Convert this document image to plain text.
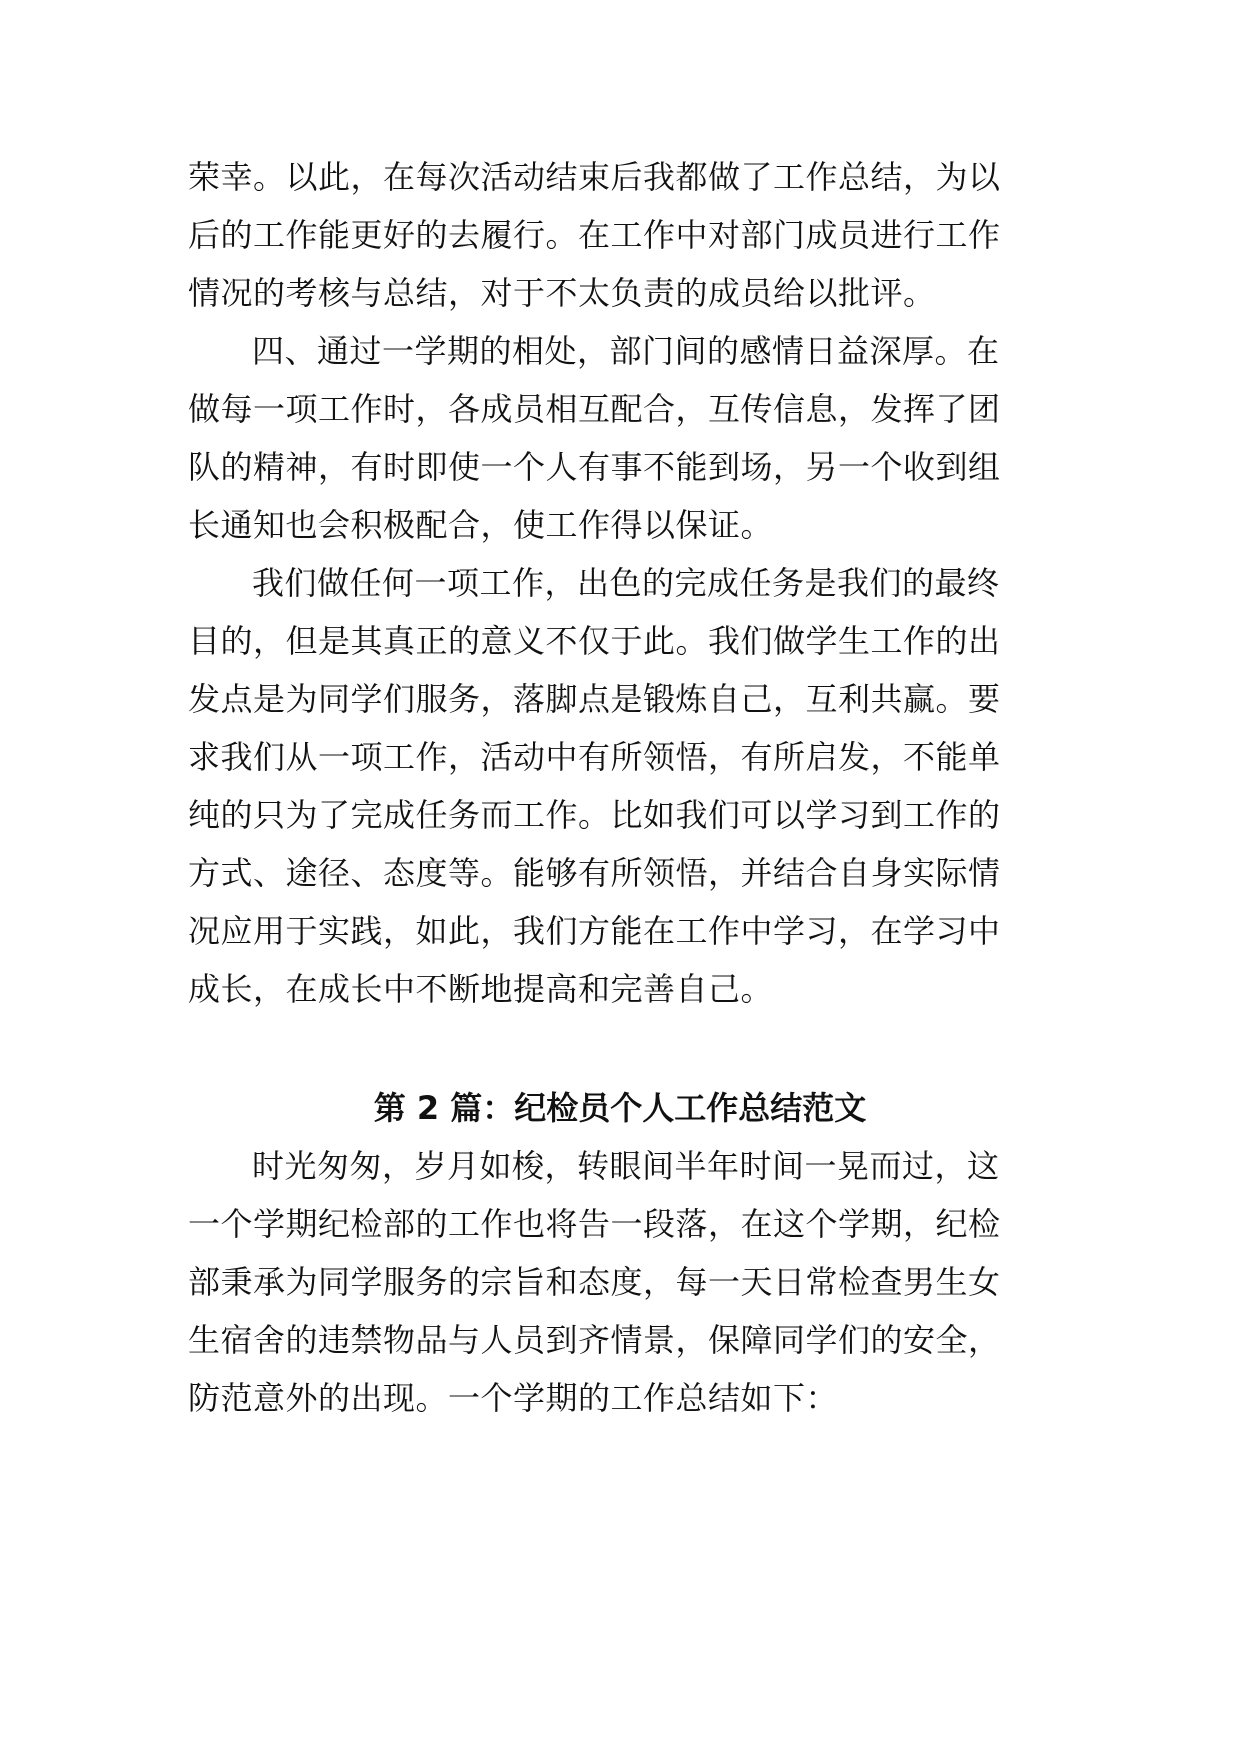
荣幸。以此，在每次活动结束后我都做了工作总结，为以
后的工作能更好的去履行。在工作中对部门成员进行工作
情况的考核与总结，对于不太负责的成员给以批评。
四、通过一学期的相处，部门间的感情日益深厚。在
做每一项工作时，各成员相互配合，互传信息，发挥了团
队的精神，有时即使一个人有事不能到场，另一个收到组
长通知也会积极配合，使工作得以保证。
我们做任何一项工作，出色的完成任务是我们的最终
目的，但是其真正的意义不仅于此。我们做学生工作的出
发点是为同学们服务，落脚点是锻炼自己，互利共赢。要
求我们从一项工作，活动中有所领悟，有所启发，不能单
纯的只为了完成任务而工作。比如我们可以学习到工作的
方式、途径、态度等。能够有所领悟，并结合自身实际情
况应用于实践，如此，我们方能在工作中学习，在学习中
成长，在成长中不断地提高和完善自己。
第 2 篇：纪检员个人工作总结范文
时光匆匆，岁月如梭，转眼间半年时间一晃而过，这
一个学期纪检部的工作也将告一段落，在这个学期，纪检
部秉承为同学服务的宗旨和态度，每一天日常检查男生女
生宿舍的违禁物品与人员到齐情景，保障同学们的安全，
防范意外的出现。一个学期的工作总结如下：
